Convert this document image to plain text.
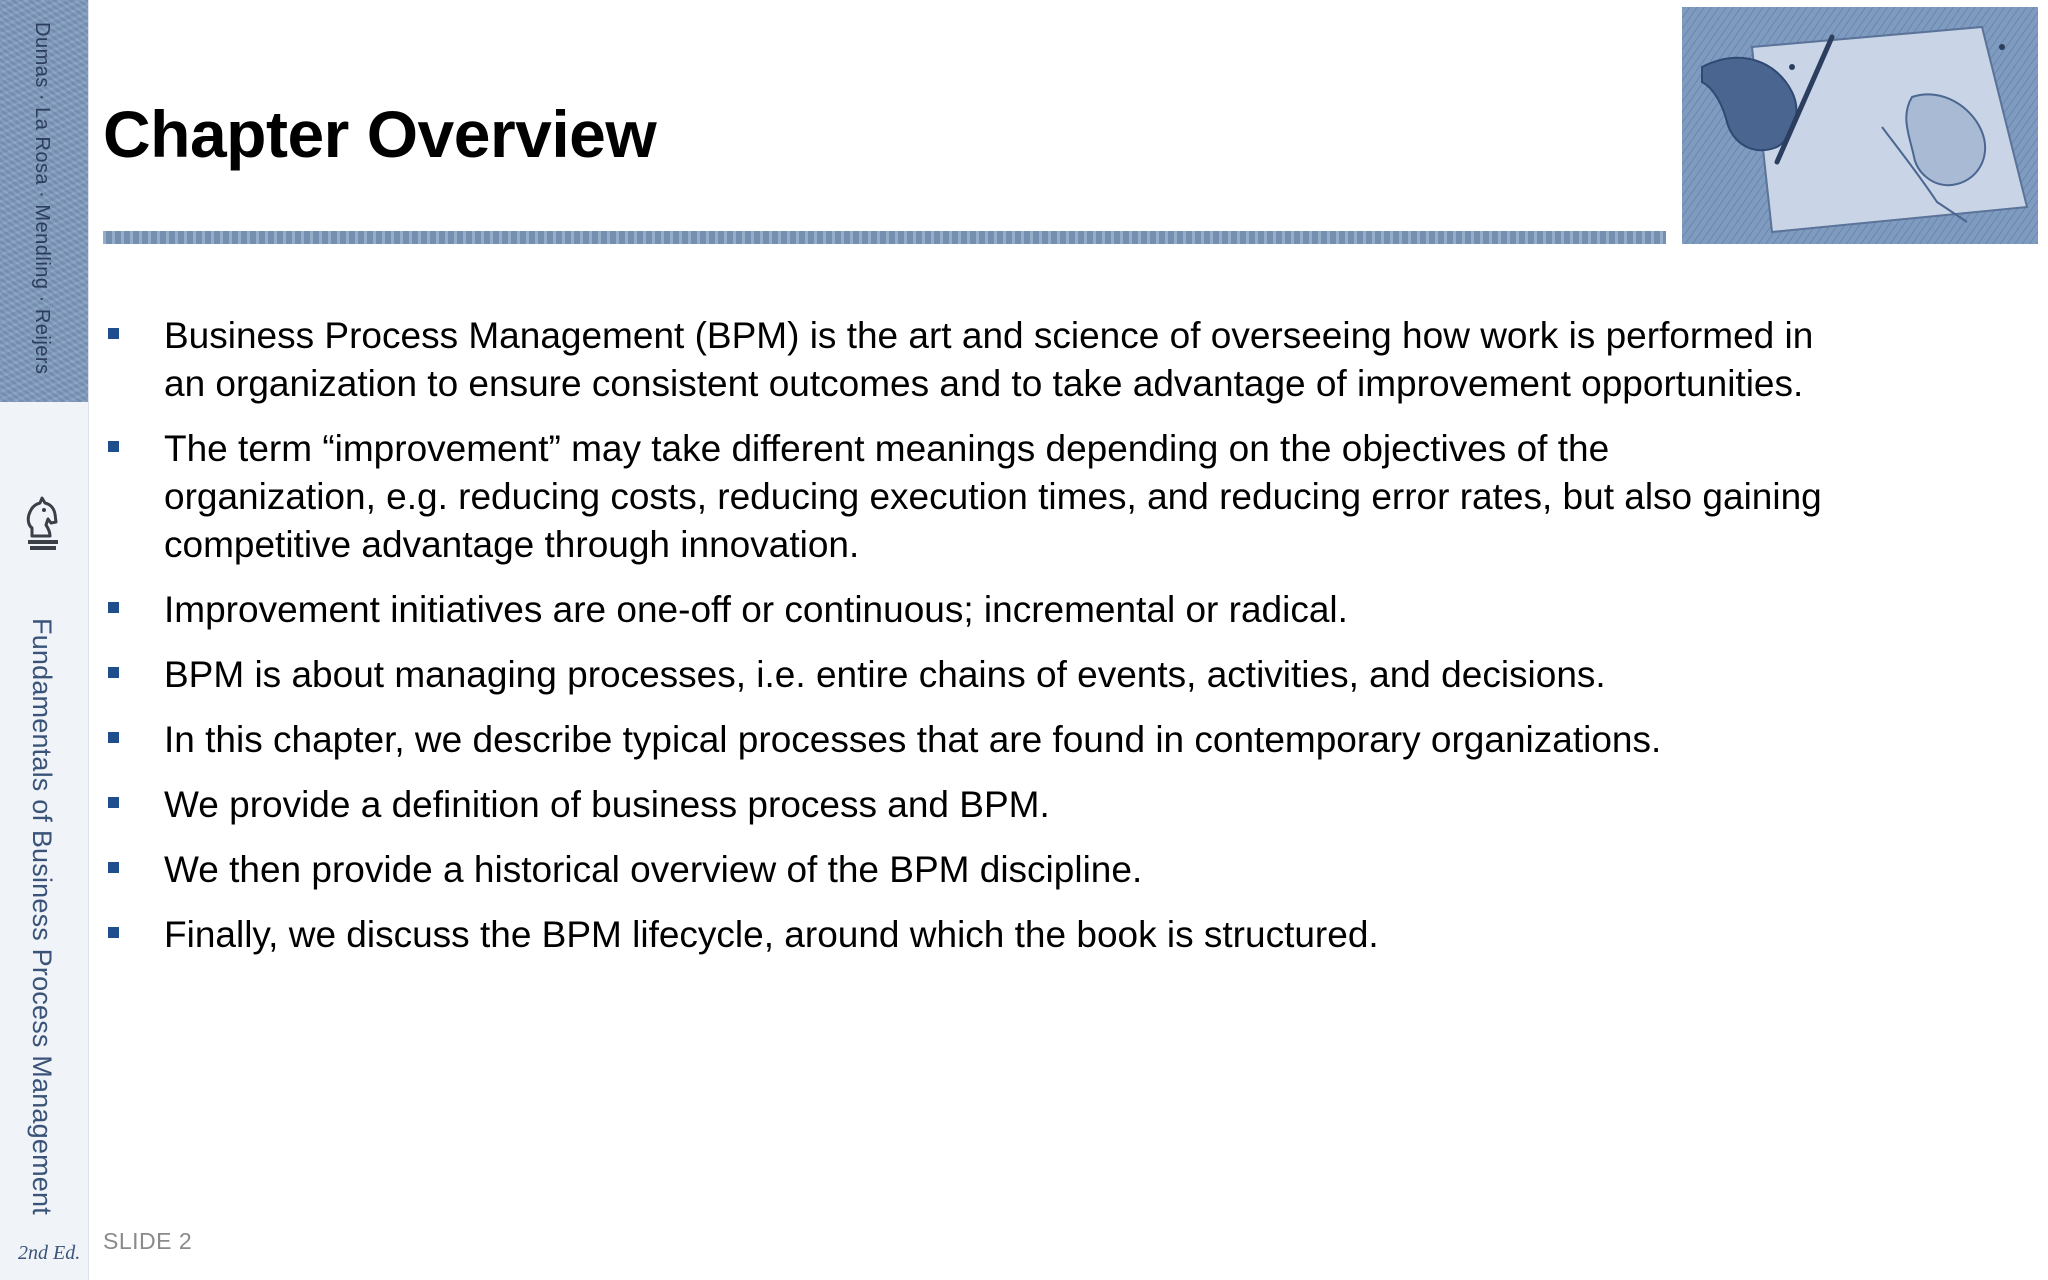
Dumas · La Rosa · Mendling · Reijers
Fundamentals of Business Process Management
2nd Ed.
Chapter Overview
Business Process Management (BPM) is the art and science of overseeing how work is performed in an organization to ensure consistent outcomes and to take advantage of improvement opportunities.
The term “improvement” may take different meanings depending on the objectives of the organization, e.g. reducing costs, reducing execution times, and reducing error rates, but also gaining competitive advantage through innovation.
Improvement initiatives are one-off or continuous; incremental or radical.
BPM is about managing processes, i.e. entire chains of events, activities, and decisions.
In this chapter, we describe typical processes that are found in contemporary organizations.
We provide a definition of business process and BPM.
We then provide a historical overview of the BPM discipline.
Finally, we discuss the BPM lifecycle, around which the book is structured.
SLIDE 2
